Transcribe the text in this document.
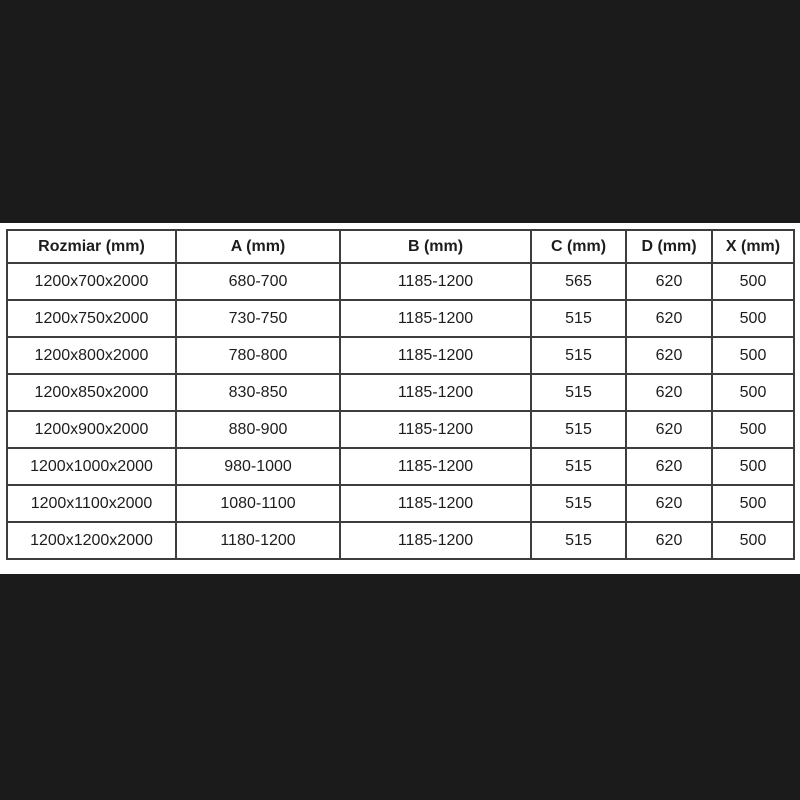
Rozmiar (mm)	A (mm)	B (mm)	C (mm)	D (mm)	X (mm)
1200x700x2000	680-700	1185-1200	565	620	500
1200x750x2000	730-750	1185-1200	515	620	500
1200x800x2000	780-800	1185-1200	515	620	500
1200x850x2000	830-850	1185-1200	515	620	500
1200x900x2000	880-900	1185-1200	515	620	500
1200x1000x2000	980-1000	1185-1200	515	620	500
1200x1100x2000	1080-1100	1185-1200	515	620	500
1200x1200x2000	1180-1200	1185-1200	515	620	500
